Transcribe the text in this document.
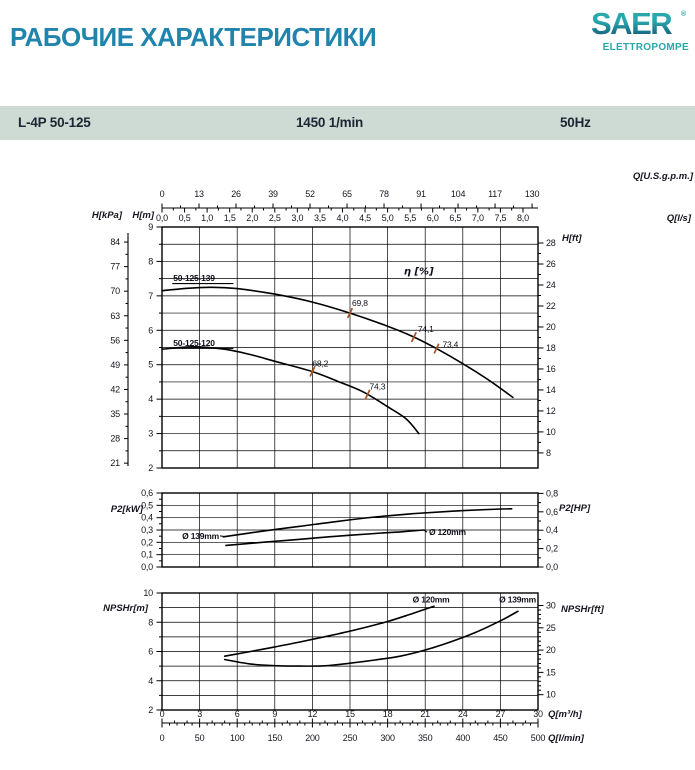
РАБОЧИЕ ХАРАКТЕРИСТИКИ	SAER ®
ELETTROPOMPE
L-4P 50-125	1450 1/min	50Hz
0	13	26	39	52	65	78	91	104	117	130
Q[U.S.g.p.m.]
0,0 0,5 1,0 1,5 2,0 2,5 3,0 3,5 4,0 4,5 5,0 5,5 6,0 6,5 7,0 7,5 8,0	Q[l/s]
H[kPa] H[m]
9
8
7
6
5
4
3
2
28
26
24
22
20
18
16
14
12
10
8
H[ft]
50-125-139
50-125-120
η [%]
84
77
70
63
56
49
42
35
28
21
69,8
74,1
73,4
68,2
74,3
0,6
0,5
0,4
0,3
0,2
0,1
0,0
0,8
0,6
0,4
0,2
0,0
P2[kW]	P2[HP]
Ø 139mm	Ø 120mm
10
8
6
4
2
30
25
20
15
10
NPSHr[m]	NPSHr[ft]
Ø 120mm	Ø 139mm
0	3	6	9	12	15	18	21	24	27	30 Q[m³/h]
0	50	100	150	200	250	300	350	400	450	500 Q[l/min]
